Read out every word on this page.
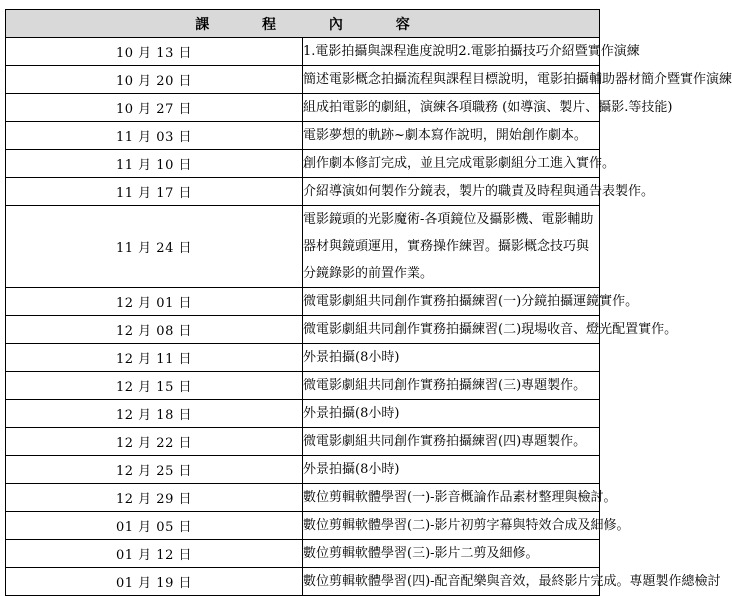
課 程 內 容	
10 月 13 日	1.電影拍攝與課程進度說明2.電影拍攝技巧介紹暨實作演練
10 月 20 日	簡述電影概念拍攝流程與課程目標說明，電影拍攝輔助器材簡介暨實作演練
10 月 27 日	組成拍電影的劇組，演練各項職務 (如導演、製片、攝影.等技能)
11 月 03 日	電影夢想的軌跡~劇本寫作說明，開始創作劇本。
11 月 10 日	創作劇本修訂完成，並且完成電影劇組分工進入實作。
11 月 17 日	介紹導演如何製作分鏡表，製片的職責及時程與通告表製作。
11 月 24 日	電影鏡頭的光影魔術-各項鏡位及攝影機、電影輔助器材與鏡頭運用，實務操作練習。攝影概念技巧與分鏡錄影的前置作業。
12 月 01 日	微電影劇組共同創作實務拍攝練習(一)分鏡拍攝運鏡實作。
12 月 08 日	微電影劇組共同創作實務拍攝練習(二)現場收音、燈光配置實作。
12 月 11 日	外景拍攝(8小時)
12 月 15 日	微電影劇組共同創作實務拍攝練習(三)專題製作。
12 月 18 日	外景拍攝(8小時)
12 月 22 日	微電影劇組共同創作實務拍攝練習(四)專題製作。
12 月 25 日	外景拍攝(8小時)
12 月 29 日	數位剪輯軟體學習(一)-影音概論作品素材整理與檢討。
01 月 05 日	數位剪輯軟體學習(二)-影片初剪字幕與特效合成及細修。
01 月 12 日	數位剪輯軟體學習(三)-影片二剪及細修。
01 月 19 日	數位剪輯軟體學習(四)-配音配樂與音效，最終影片完成。專題製作總檢討
